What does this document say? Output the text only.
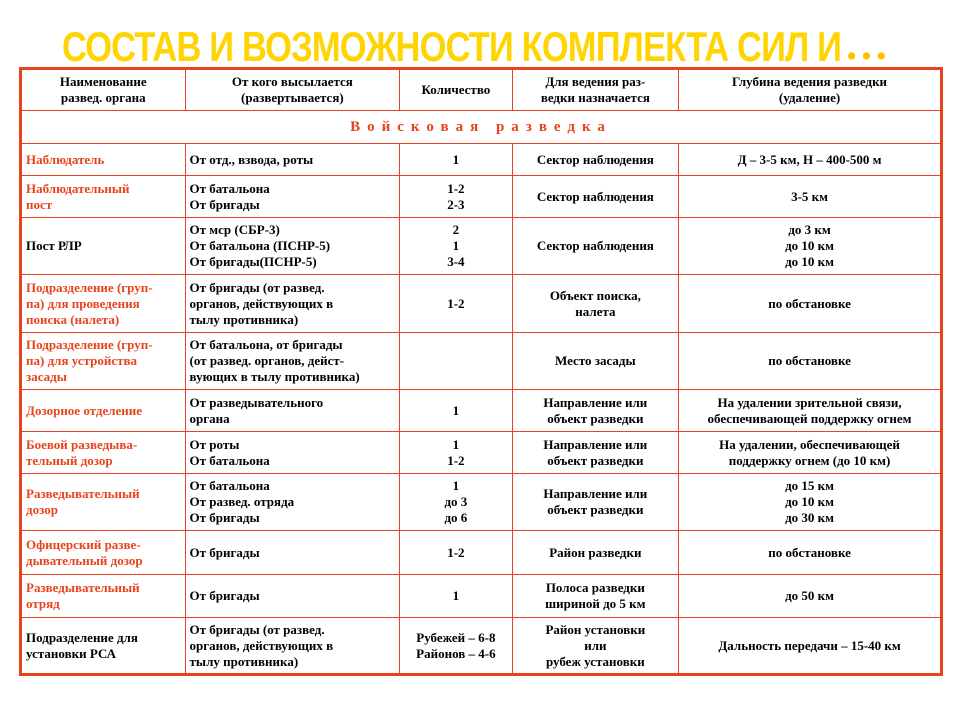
СОСТАВ И ВОЗМОЖНОСТИ КОМПЛЕКТА СИЛ И …
Наименование
развед. органа	От кого высылается
(развертывается)	Количество	Для ведения раз-
ведки назначается	Глубина ведения разведки
(удаление)
Войсковая разведка				
Наблюдатель	От отд., взвода, роты	1	Сектор наблюдения	Д – 3-5 км, Н – 400-500 м
Наблюдательный
пост	От батальона
От бригады	1-2
2-3	Сектор наблюдения	3-5 км
Пост РЛР	От мср (СБР-3)
От батальона (ПСНР-5)
От бригады(ПСНР-5)	2
1
3-4	Сектор наблюдения	до 3 км
до 10 км
до 10 км
Подразделение (груп-
па) для проведения
поиска (налета)	От бригады (от развед.
органов, действующих в
тылу противника)	1-2	Объект поиска,
налета	по обстановке
Подразделение (груп-
па) для устройства
засады	От батальона, от бригады
(от развед. органов, дейст-
вующих в тылу противника)		Место засады	по обстановке
Дозорное отделение	От разведывательного
органа	1	Направление или
объект разведки	На удалении зрительной связи,
обеспечивающей поддержку огнем
Боевой разведыва-
тельный дозор	От роты
От батальона	1
1-2	Направление или
объект разведки	На удалении, обеспечивающей
поддержку огнем (до 10 км)
Разведывательный
дозор	От батальона
От развед. отряда
От бригады	1
до 3
до 6	Направление или
объект разведки	до 15 км
до 10 км
до 30 км
Офицерский разве-
дывательный дозор	От бригады	1-2	Район разведки	по обстановке
Разведывательный
отряд	От бригады	1	Полоса разведки
шириной до 5 км	до 50 км
Подразделение для
установки РСА	От бригады (от развед.
органов, действующих в
тылу противника)	Рубежей – 6-8
Районов – 4-6	Район установки
или
рубеж установки	Дальность передачи – 15-40 км
